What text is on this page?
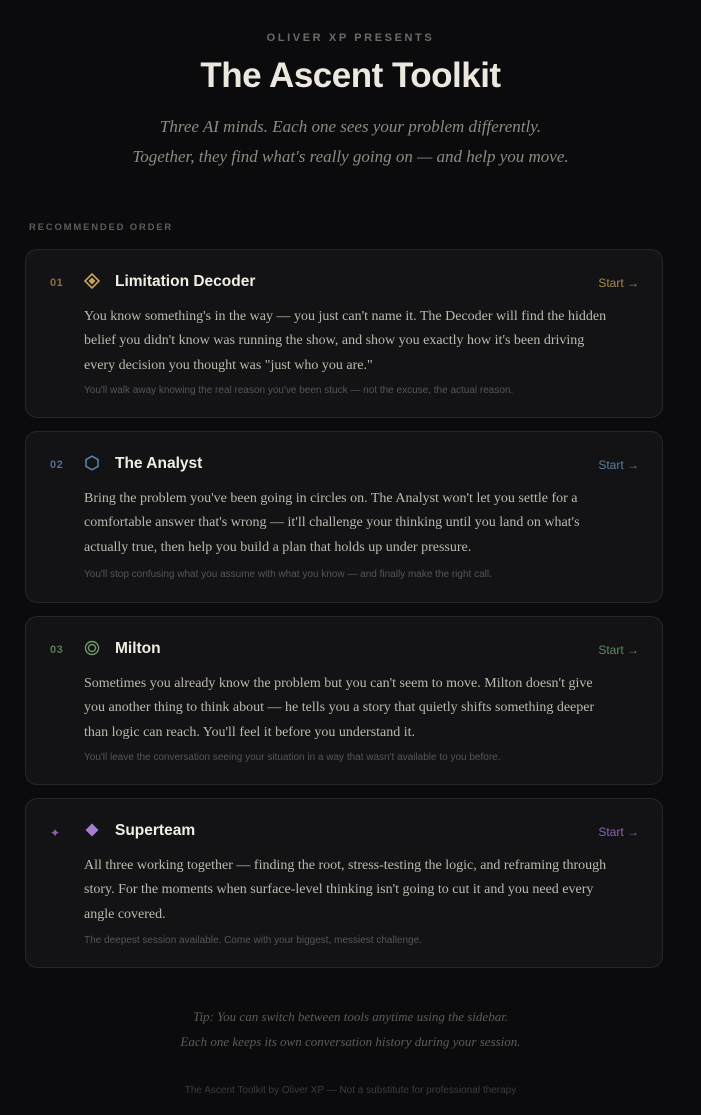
OLIVER XP PRESENTS
The Ascent Toolkit
Three AI minds. Each one sees your problem differently.
Together, they find what's really going on — and help you move.
RECOMMENDED ORDER
01	Limitation Decoder	Start →
You know something's in the way — you just can't name it. The Decoder will find the hidden
belief you didn't know was running the show, and show you exactly how it's been driving
every decision you thought was "just who you are."
You'll walk away knowing the real reason you've been stuck — not the excuse, the actual reason.
02	The Analyst	Start →
Bring the problem you've been going in circles on. The Analyst won't let you settle for a
comfortable answer that's wrong — it'll challenge your thinking until you land on what's
actually true, then help you build a plan that holds up under pressure.
You'll stop confusing what you assume with what you know — and finally make the right call.
03	Milton	Start →
Sometimes you already know the problem but you can't seem to move. Milton doesn't give
you another thing to think about — he tells you a story that quietly shifts something deeper
than logic can reach. You'll feel it before you understand it.
You'll leave the conversation seeing your situation in a way that wasn't available to you before.
✦	Superteam	Start →
All three working together — finding the root, stress-testing the logic, and reframing through
story. For the moments when surface-level thinking isn't going to cut it and you need every
angle covered.
The deepest session available. Come with your biggest, messiest challenge.
Tip: You can switch between tools anytime using the sidebar.
Each one keeps its own conversation history during your session.
The Ascent Toolkit by Oliver XP — Not a substitute for professional therapy
